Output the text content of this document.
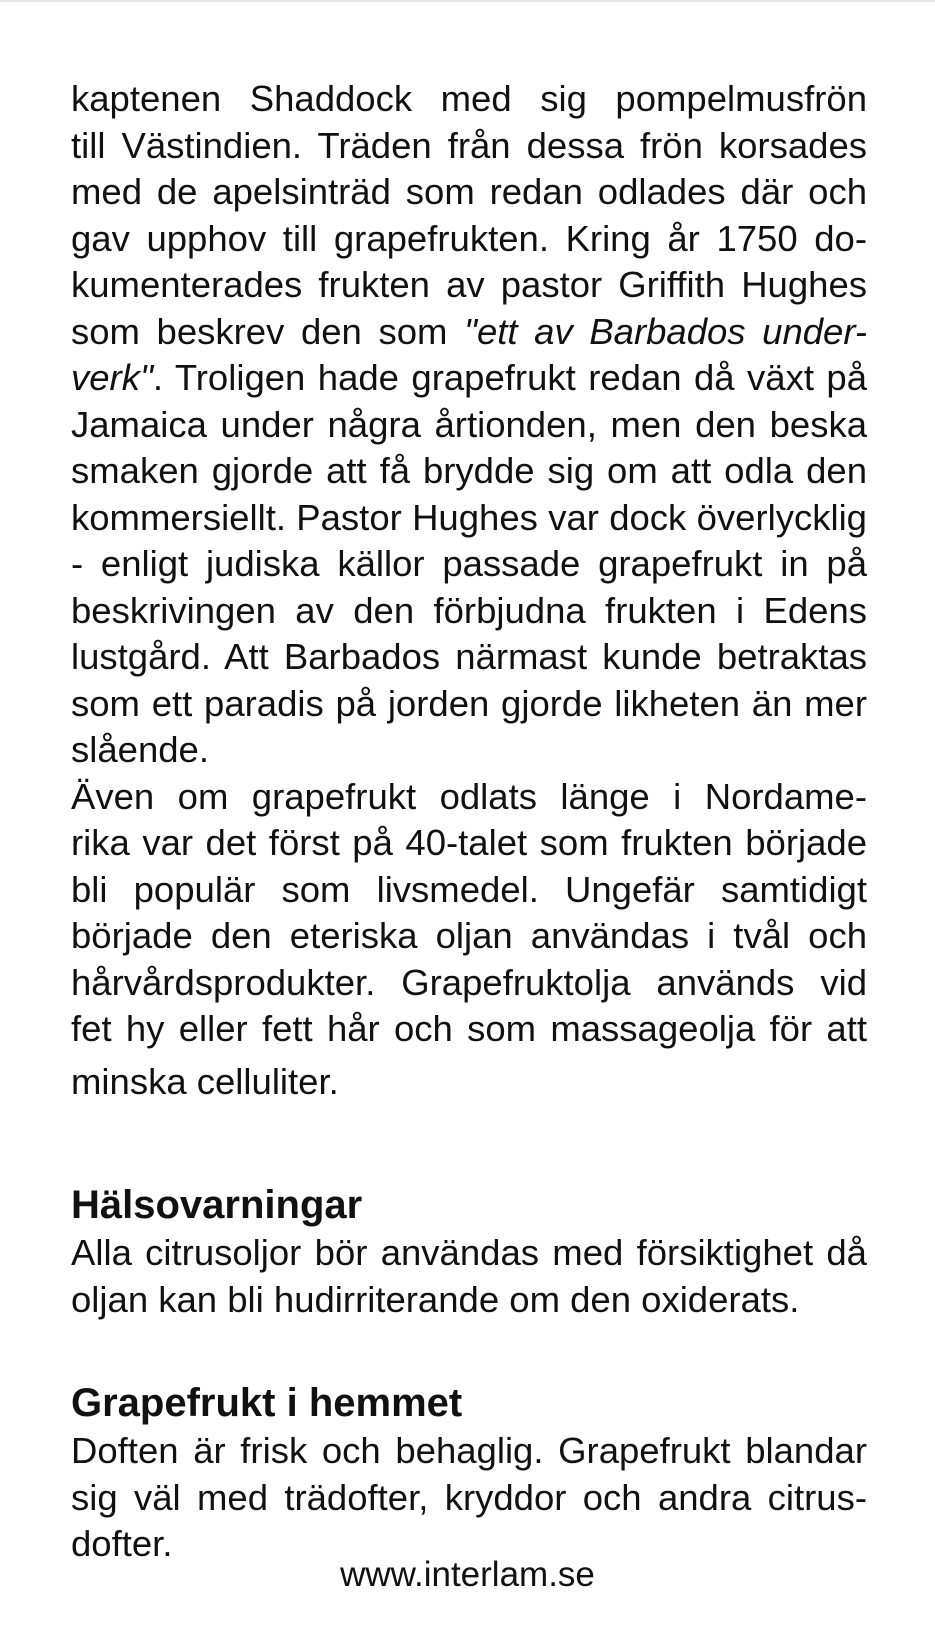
kaptenen Shaddock med sig pompelmusfrön
till Västindien. Träden från dessa frön korsades
med de apelsinträd som redan odlades där och
gav upphov till grapefrukten. Kring år 1750 do-
kumenterades frukten av pastor Griffith Hughes
som beskrev den som "ett av Barbados under-
verk". Troligen hade grapefrukt redan då växt på
Jamaica under några årtionden, men den beska
smaken gjorde att få brydde sig om att odla den
kommersiellt. Pastor Hughes var dock överlycklig
- enligt judiska källor passade grapefrukt in på
beskrivingen av den förbjudna frukten i Edens
lustgård. Att Barbados närmast kunde betraktas
som ett paradis på jorden gjorde likheten än mer
slående.

Även om grapefrukt odlats länge i Nordame-
rika var det först på 40-talet som frukten började
bli populär som livsmedel. Ungefär samtidigt
började den eteriska oljan användas i tvål och
hårvårdsprodukter. Grapefruktolja används vid
fet hy eller fett hår och som massageolja för att
minska celluliter.

Hälsovarningar

Alla citrusoljor bör användas med försiktighet då
oljan kan bli hudirriterande om den oxiderats.

Grapefrukt i hemmet

Doften är frisk och behaglig. Grapefrukt blandar
sig väl med trädofter, kryddor och andra citrus-
dofter.

www.interlam.se
